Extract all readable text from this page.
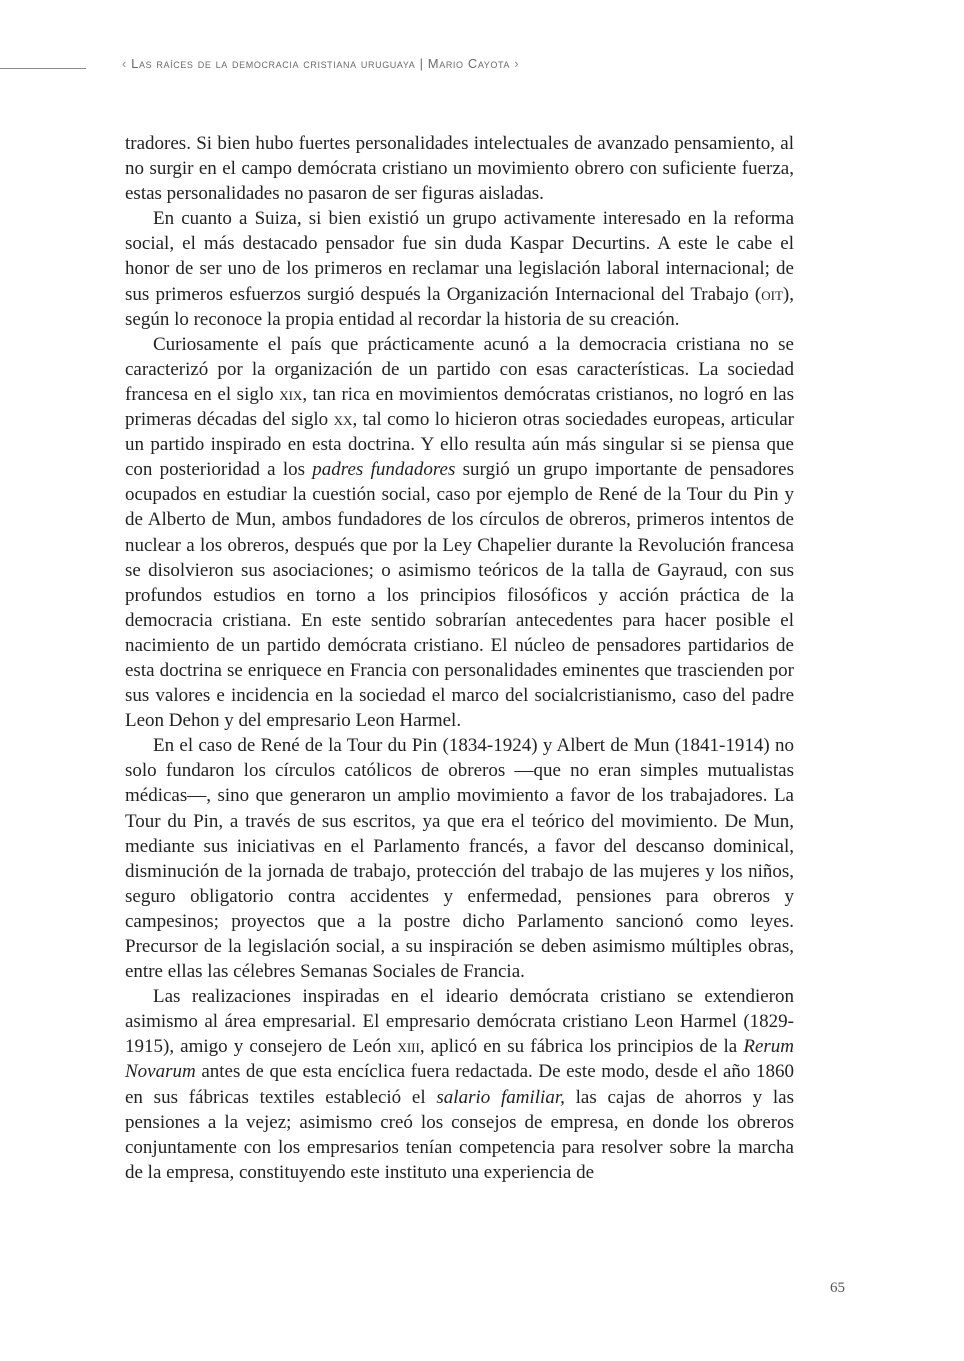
‹ Las raíces de la democracia cristiana uruguaya | Mario Cayota ›

tradores. Si bien hubo fuertes personalidades intelectuales de avanzado pensamiento, al no surgir en el campo demócrata cristiano un movimiento obrero con suficiente fuerza, estas personalidades no pasaron de ser figuras aisladas.

En cuanto a Suiza, si bien existió un grupo activamente interesado en la reforma social, el más destacado pensador fue sin duda Kaspar Decurtins. A este le cabe el honor de ser uno de los primeros en reclamar una legislación laboral internacional; de sus primeros esfuerzos surgió después la Organización Internacional del Trabajo (oit), según lo reconoce la propia entidad al recordar la historia de su creación.

Curiosamente el país que prácticamente acunó a la democracia cristiana no se caracterizó por la organización de un partido con esas características. La sociedad francesa en el siglo xix, tan rica en movimientos demócratas cristianos, no logró en las primeras décadas del siglo xx, tal como lo hicieron otras sociedades europeas, articular un partido inspirado en esta doctrina. Y ello resulta aún más singular si se piensa que con posterioridad a los padres fundadores surgió un grupo importante de pensadores ocupados en estudiar la cuestión social, caso por ejemplo de René de la Tour du Pin y de Alberto de Mun, ambos fundadores de los círculos de obreros, primeros intentos de nuclear a los obreros, después que por la Ley Chapelier durante la Revolución francesa se disolvieron sus asociaciones; o asimismo teóricos de la talla de Gayraud, con sus profundos estudios en torno a los principios filosóficos y acción práctica de la democracia cristiana. En este sentido sobrarían antecedentes para hacer posible el nacimiento de un partido demócrata cristiano. El núcleo de pensadores partidarios de esta doctrina se enriquece en Francia con personalidades eminentes que trascienden por sus valores e incidencia en la sociedad el marco del socialcristianismo, caso del padre Leon Dehon y del empresario Leon Harmel.

En el caso de René de la Tour du Pin (1834-1924) y Albert de Mun (1841-1914) no solo fundaron los círculos católicos de obreros —que no eran simples mutualistas médicas—, sino que generaron un amplio movimiento a favor de los trabajadores. La Tour du Pin, a través de sus escritos, ya que era el teórico del movimiento. De Mun, mediante sus iniciativas en el Parlamento francés, a favor del descanso dominical, disminución de la jornada de trabajo, protección del trabajo de las mujeres y los niños, seguro obligatorio contra accidentes y enfermedad, pensiones para obreros y campesinos; proyectos que a la postre dicho Parlamento sancionó como leyes. Precursor de la legislación social, a su inspiración se deben asimismo múltiples obras, entre ellas las célebres Semanas Sociales de Francia.

Las realizaciones inspiradas en el ideario demócrata cristiano se extendieron asimismo al área empresarial. El empresario demócrata cristiano Leon Harmel (1829-1915), amigo y consejero de León xiii, aplicó en su fábrica los principios de la Rerum Novarum antes de que esta encíclica fuera redactada. De este modo, desde el año 1860 en sus fábricas textiles estableció el salario familiar, las cajas de ahorros y las pensiones a la vejez; asimismo creó los consejos de empresa, en donde los obreros conjuntamente con los empresarios tenían competencia para resolver sobre la marcha de la empresa, constituyendo este instituto una experiencia de

65
